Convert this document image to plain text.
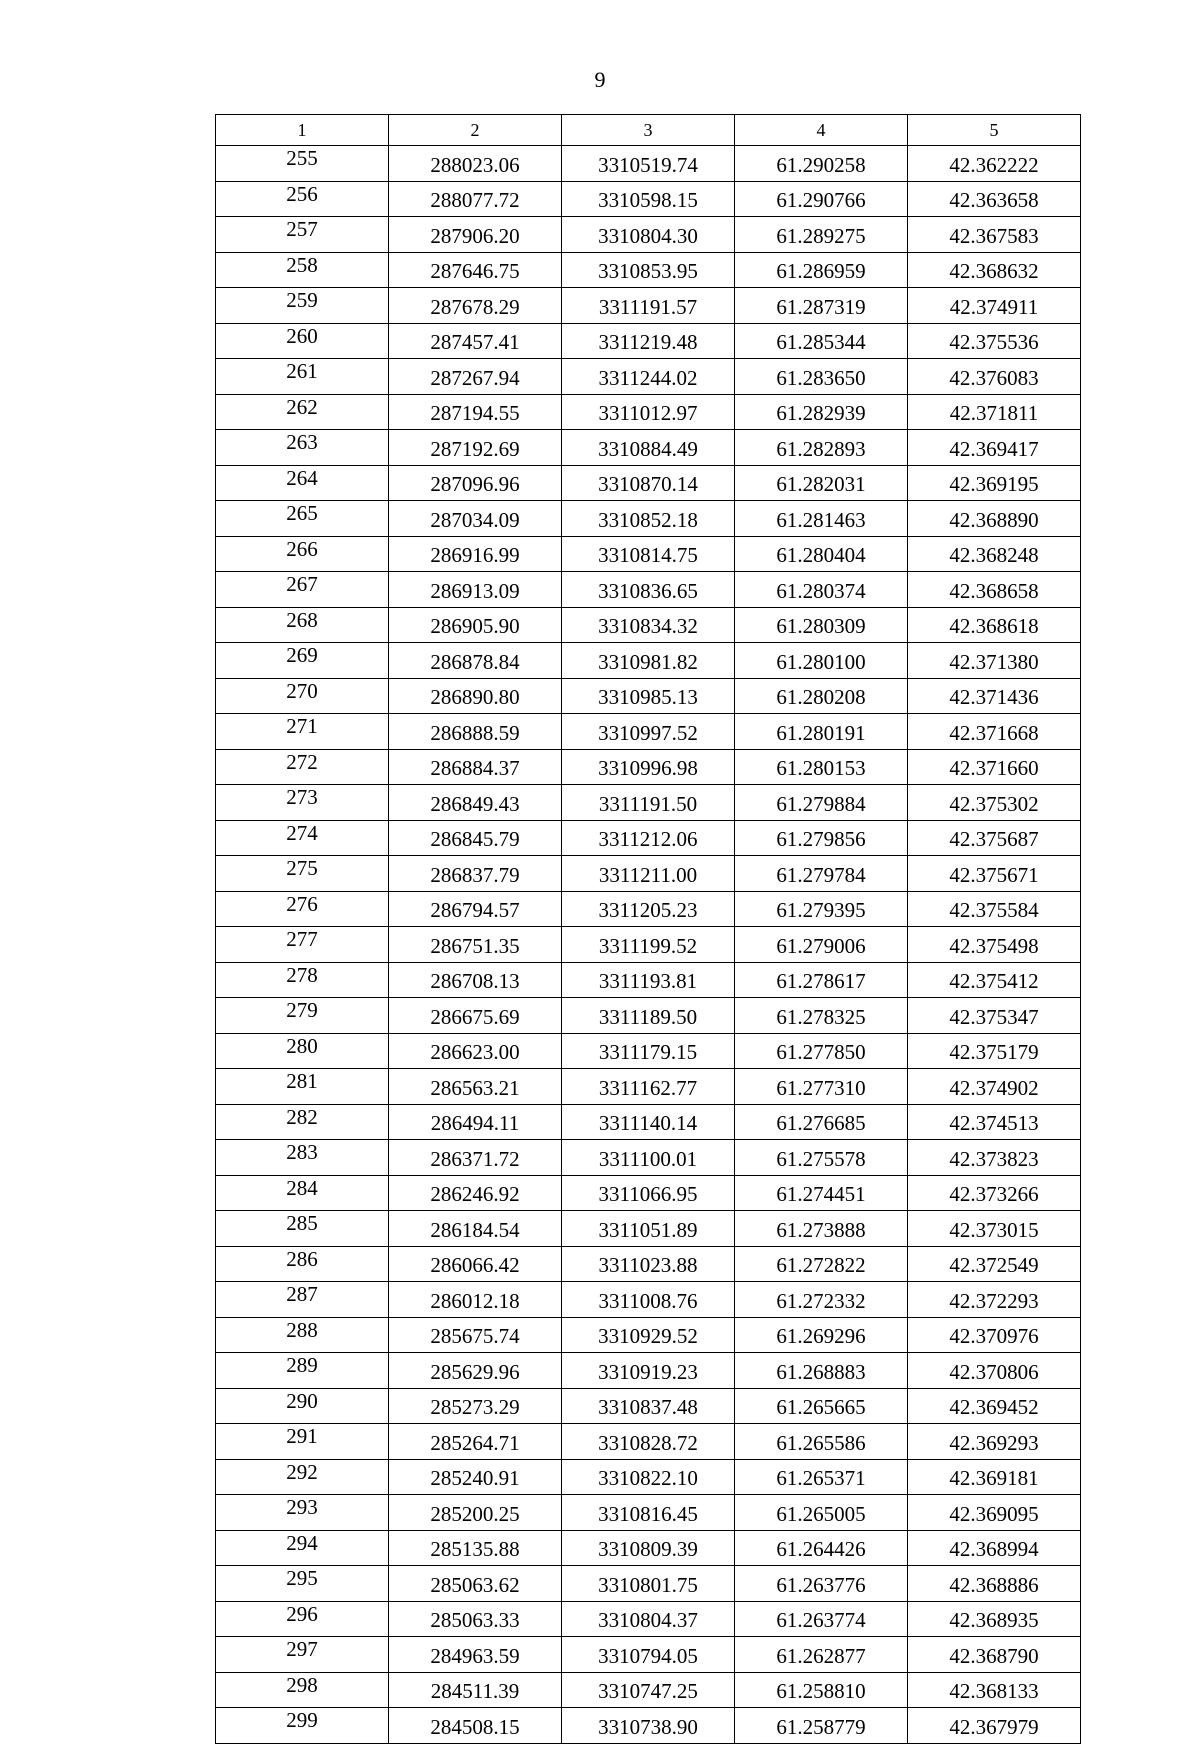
9
1	2	3	4	5
255	288023.06	3310519.74	61.290258	42.362222
256	288077.72	3310598.15	61.290766	42.363658
257	287906.20	3310804.30	61.289275	42.367583
258	287646.75	3310853.95	61.286959	42.368632
259	287678.29	3311191.57	61.287319	42.374911
260	287457.41	3311219.48	61.285344	42.375536
261	287267.94	3311244.02	61.283650	42.376083
262	287194.55	3311012.97	61.282939	42.371811
263	287192.69	3310884.49	61.282893	42.369417
264	287096.96	3310870.14	61.282031	42.369195
265	287034.09	3310852.18	61.281463	42.368890
266	286916.99	3310814.75	61.280404	42.368248
267	286913.09	3310836.65	61.280374	42.368658
268	286905.90	3310834.32	61.280309	42.368618
269	286878.84	3310981.82	61.280100	42.371380
270	286890.80	3310985.13	61.280208	42.371436
271	286888.59	3310997.52	61.280191	42.371668
272	286884.37	3310996.98	61.280153	42.371660
273	286849.43	3311191.50	61.279884	42.375302
274	286845.79	3311212.06	61.279856	42.375687
275	286837.79	3311211.00	61.279784	42.375671
276	286794.57	3311205.23	61.279395	42.375584
277	286751.35	3311199.52	61.279006	42.375498
278	286708.13	3311193.81	61.278617	42.375412
279	286675.69	3311189.50	61.278325	42.375347
280	286623.00	3311179.15	61.277850	42.375179
281	286563.21	3311162.77	61.277310	42.374902
282	286494.11	3311140.14	61.276685	42.374513
283	286371.72	3311100.01	61.275578	42.373823
284	286246.92	3311066.95	61.274451	42.373266
285	286184.54	3311051.89	61.273888	42.373015
286	286066.42	3311023.88	61.272822	42.372549
287	286012.18	3311008.76	61.272332	42.372293
288	285675.74	3310929.52	61.269296	42.370976
289	285629.96	3310919.23	61.268883	42.370806
290	285273.29	3310837.48	61.265665	42.369452
291	285264.71	3310828.72	61.265586	42.369293
292	285240.91	3310822.10	61.265371	42.369181
293	285200.25	3310816.45	61.265005	42.369095
294	285135.88	3310809.39	61.264426	42.368994
295	285063.62	3310801.75	61.263776	42.368886
296	285063.33	3310804.37	61.263774	42.368935
297	284963.59	3310794.05	61.262877	42.368790
298	284511.39	3310747.25	61.258810	42.368133
299	284508.15	3310738.90	61.258779	42.367979
